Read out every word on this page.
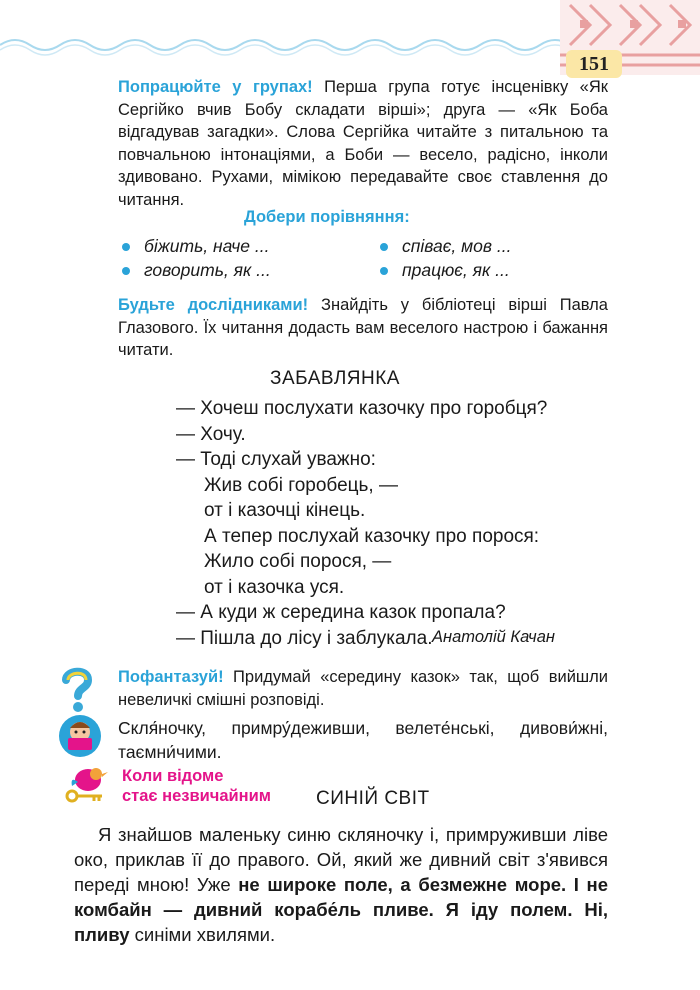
151
Попрацюйте у групах! Перша група готує інсценівку «Як Сергійко вчив Бобу складати вірші»; друга — «Як Боба відгадував загадки». Слова Сергійка читайте з питальною та повчальною інтонаціями, а Боби — весело, радісно, інколи здивовано. Рухами, мімікою передавайте своє ставлення до читання.
Добери порівняння:
біжить, наче ...	співає, мов ...
говорить, як ...	працює, як ...
Будьте дослідниками! Знайдіть у бібліотеці вірші Павла Глазового. Їх читання додасть вам веселого настрою і бажання читати.
ЗАБАВЛЯНКА
— Хочеш послухати казочку про горобця?
— Хочу.
— Тоді слухай уважно:
Жив собі горобець, —
от і казочці кінець.
А тепер послухай казочку про порося:
Жило собі порося, —
от і казочка уся.
— А куди ж середина казок пропала?
— Пішла до лісу і заблукала. Анатолій Качан
Пофантазуй! Придумай «середину казок» так, щоб вийшли невеличкі смішні розповіді.
Скля́ночку, примру́деживши, велете́нські, дивови́жні, таємни́чими.
Коли відоме
стає незвичайним СИНІЙ СВІТ
Я знайшов маленьку синю скляночку і, примруживши ліве око, приклав її до правого. Ой, який же дивний світ з'явився переді мною! Уже не широке поле, а безмежне море. І не комбайн — дивний корабе́ль пливе. Я іду полем. Ні, пливу синіми хвилями.
